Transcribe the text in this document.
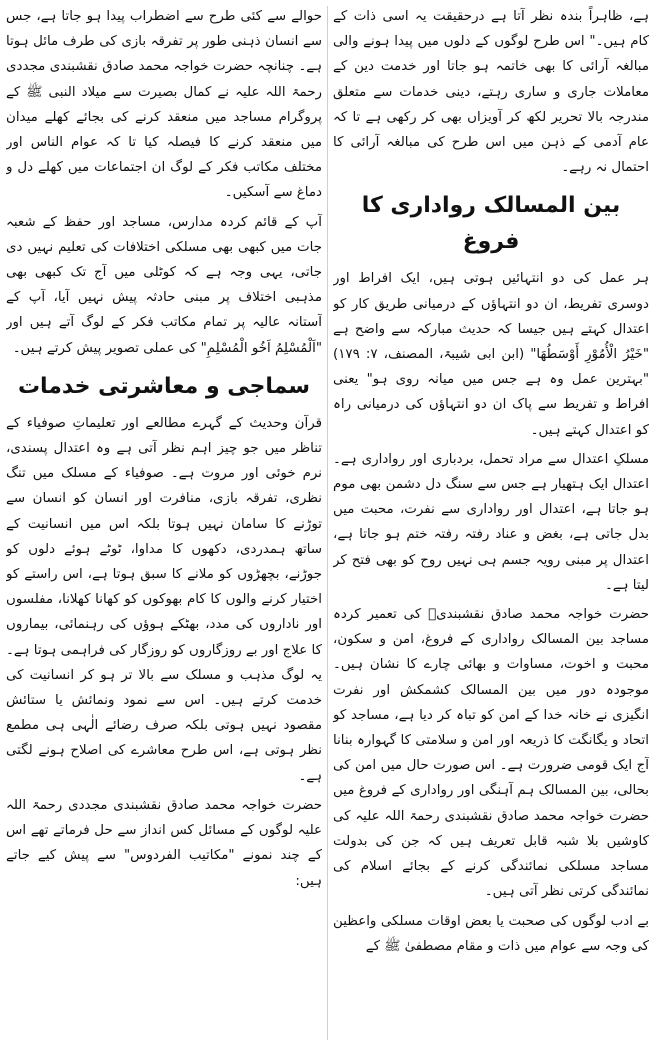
ہے، ظاہراً بندہ نظر آتا ہے درحقیقت یہ اسی ذات کے کام ہیں۔" اس طرح لوگوں کے دلوں میں پیدا ہونے والی مبالغہ آرائی کا بھی خاتمہ ہو جاتا اور خدمت دین کے معاملات جاری و ساری رہتے، دینی خدمات سے متعلق مندرجہ بالا تحریر لکھ کر آویزاں بھی کر رکھی ہے تا کہ عام آدمی کے ذہن میں اس طرح کی مبالغہ آرائی کا احتمال نہ رہے۔

بین المسالک رواداری کا فروغ

ہر عمل کی دو انتہائیں ہوتی ہیں، ایک افراط اور دوسری تفریط، ان دو انتہاؤں کے درمیانی طریق کار کو اعتدال کہتے ہیں جیسا کہ حدیث مبارکہ سے واضح ہے "خَيْرُ الْأُمُوْرِ أَوْسَطُهَا" (ابن ابی شیبۃ، المصنف، ۷: ۱۷۹) "بہترین عمل وہ ہے جس میں میانہ روی ہو" یعنی افراط و تفریط سے پاک ان دو انتہاؤں کی درمیانی راہ کو اعتدال کہتے ہیں۔

مسلکِ اعتدال سے مراد تحمل، بردباری اور رواداری ہے۔ اعتدال ایک ہتھیار ہے جس سے سنگ دل دشمن بھی موم ہو جاتا ہے، اعتدال اور رواداری سے نفرت، محبت میں بدل جاتی ہے، بغض و عناد رفتہ رفتہ ختم ہو جاتا ہے، اعتدال پر مبنی رویہ جسم ہی نہیں روح کو بھی فتح کر لیتا ہے۔

حضرت خواجہ محمد صادق نقشبندیؒ کی تعمیر کردہ مساجد بین المسالک رواداری کے فروغ، امن و سکون، محبت و اخوت، مساوات و بھائی چارے کا نشان ہیں۔ موجودہ دور میں بین المسالک کشمکش اور نفرت انگیزی نے خانہ خدا کے امن کو تباہ کر دیا ہے، مساجد کو اتحاد و یگانگت کا ذریعہ اور امن و سلامتی کا گہوارہ بنانا آج ایک قومی ضرورت ہے۔ اس صورت حال میں امن کی بحالی، بین المسالک ہم آہنگی اور رواداری کے فروغ میں حضرت خواجہ محمد صادق نقشبندی رحمۃ اللہ علیہ کی کاوشیں بلا شبہ قابل تعریف ہیں کہ جن کی بدولت مساجد مسلکی نمائندگی کرنے کے بجائے اسلام کی نمائندگی کرتی نظر آتی ہیں۔

بے ادب لوگوں کی صحبت یا بعض اوقات مسلکی واعظین کی وجہ سے عوام میں ذات و مقام مصطفیٰ ﷺ کے

حوالے سے کئی طرح سے اضطراب پیدا ہو جاتا ہے، جس سے انسان ذہنی طور پر تفرقہ بازی کی طرف مائل ہوتا ہے۔ چنانچہ حضرت خواجہ محمد صادق نقشبندی مجددی رحمۃ اللہ علیہ نے کمال بصیرت سے میلاد النبی ﷺ کے پروگرام مساجد میں منعقد کرنے کی بجائے کھلے میدان میں منعقد کرنے کا فیصلہ کیا تا کہ عوام الناس اور مختلف مکاتب فکر کے لوگ ان اجتماعات میں کھلے دل و دماغ سے آسکیں۔

آپ کے قائم کردہ مدارس، مساجد اور حفظ کے شعبہ جات میں کبھی بھی مسلکی اختلافات کی تعلیم نہیں دی جاتی، یہی وجہ ہے کہ کوٹلی میں آج تک کبھی بھی مذہبی اختلاف پر مبنی حادثہ پیش نہیں آیا، آپ کے آستانہ عالیہ پر تمام مکاتب فکر کے لوگ آتے ہیں اور "اَلْمُسْلِمُ اَخُو الْمُسْلِمِ" کی عملی تصویر پیش کرتے ہیں۔

سماجی و معاشرتی خدمات

قرآن وحدیث کے گہرے مطالعے اور تعلیماتِ صوفیاء کے تناظر میں جو چیز اہم نظر آتی ہے وہ اعتدال پسندی، نرم خوئی اور مروت ہے۔ صوفیاء کے مسلک میں تنگ نظری، تفرقہ بازی، منافرت اور انسان کو انسان سے توڑنے کا سامان نہیں ہوتا بلکہ اس میں انسانیت کے ساتھ ہمدردی، دکھوں کا مداوا، ٹوٹے ہوئے دلوں کو جوڑنے، بچھڑوں کو ملانے کا سبق ہوتا ہے، اس راستے کو اختیار کرنے والوں کا کام بھوکوں کو کھانا کھلانا، مفلسوں اور ناداروں کی مدد، بھٹکے ہوؤں کی رہنمائی، بیماروں کا علاج اور بے روزگاروں کو روزگار کی فراہمی ہوتا ہے۔ یہ لوگ مذہب و مسلک سے بالا تر ہو کر انسانیت کی خدمت کرتے ہیں۔ اس سے نمود ونمائش یا ستائش مقصود نہیں ہوتی بلکہ صرف رضائے الٰہی ہی مطمع نظر ہوتی ہے، اس طرح معاشرے کی اصلاح ہونے لگتی ہے۔

حضرت خواجہ محمد صادق نقشبندی مجددی رحمۃ اللہ علیہ لوگوں کے مسائل کس انداز سے حل فرماتے تھے اس کے چند نمونے "مکاتیب الفردوس" سے پیش کیے جاتے ہیں:
